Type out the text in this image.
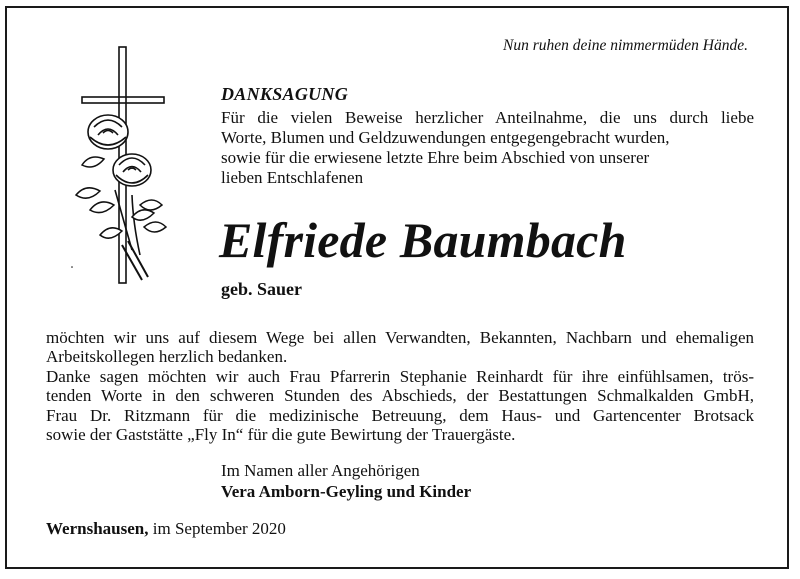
Nun ruhen deine nimmermüden Hände.
DANKSAGUNG
Für die vielen Beweise herzlicher Anteilnahme, die uns durch liebe
Worte, Blumen und Geldzuwendungen entgegengebracht wurden,
sowie für die erwiesene letzte Ehre beim Abschied von unserer
lieben Entschlafenen
Elfriede Baumbach
geb. Sauer
möchten wir uns auf diesem Wege bei allen Verwandten, Bekannten, Nachbarn und ehemaligen
Arbeitskollegen herzlich bedanken.
Danke sagen möchten wir auch Frau Pfarrerin Stephanie Reinhardt für ihre einfühlsamen, trös-
tenden Worte in den schweren Stunden des Abschieds, der Bestattungen Schmalkalden GmbH,
Frau Dr. Ritzmann für die medizinische Betreuung, dem Haus- und Gartencenter Brotsack
sowie der Gaststätte „Fly In“ für die gute Bewirtung der Trauergäste.
Im Namen aller Angehörigen
Vera Amborn-Geyling und Kinder
Wernshausen, im September 2020
